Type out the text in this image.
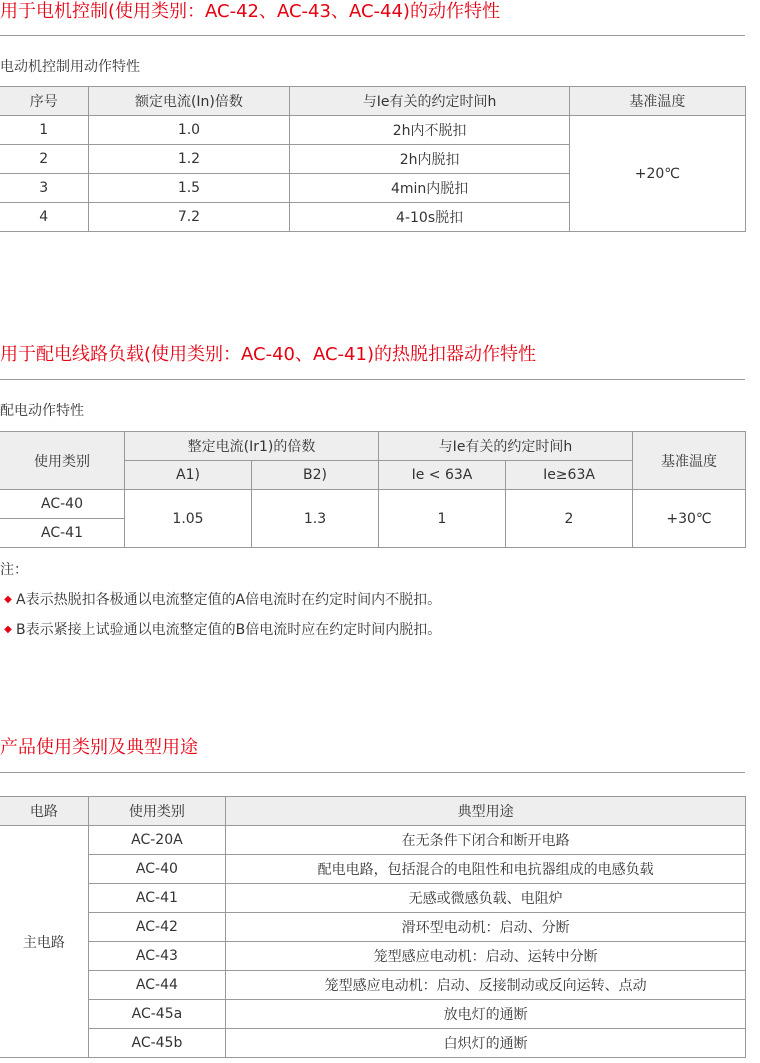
用于电机控制(使用类别：AC-42、AC-43、AC-44)的动作特性
电动机控制用动作特性
序号	额定电流(In)倍数	与Ie有关的约定时间h	基准温度
1	1.0	2h内不脱扣	+20℃
2	1.2	2h内脱扣	
3	1.5	4min内脱扣	
4	7.2	4-10s脱扣	
用于配电线路负载(使用类别：AC-40、AC-41)的热脱扣器动作特性
配电动作特性
使用类别	整定电流(Ir1)的倍数		与Ie有关的约定时间h		基准温度
	A1)	B2)	Ie < 63A	Ie≥63A	
AC-40	1.05	1.3	1	2	+30℃
AC-41					
注：
◆ A表示热脱扣各极通以电流整定值的A倍电流时在约定时间内不脱扣。
◆ B表示紧接上试验通以电流整定值的B倍电流时应在约定时间内脱扣。
产品使用类别及典型用途
电路	使用类别	典型用途
主电路	AC-20A	在无条件下闭合和断开电路
	AC-40	配电电路，包括混合的电阻性和电抗器组成的电感负载
	AC-41	无感或微感负载、电阻炉
	AC-42	滑环型电动机：启动、分断
	AC-43	笼型感应电动机：启动、运转中分断
	AC-44	笼型感应电动机：启动、反接制动或反向运转、点动
	AC-45a	放电灯的通断
	AC-45b	白炽灯的通断
